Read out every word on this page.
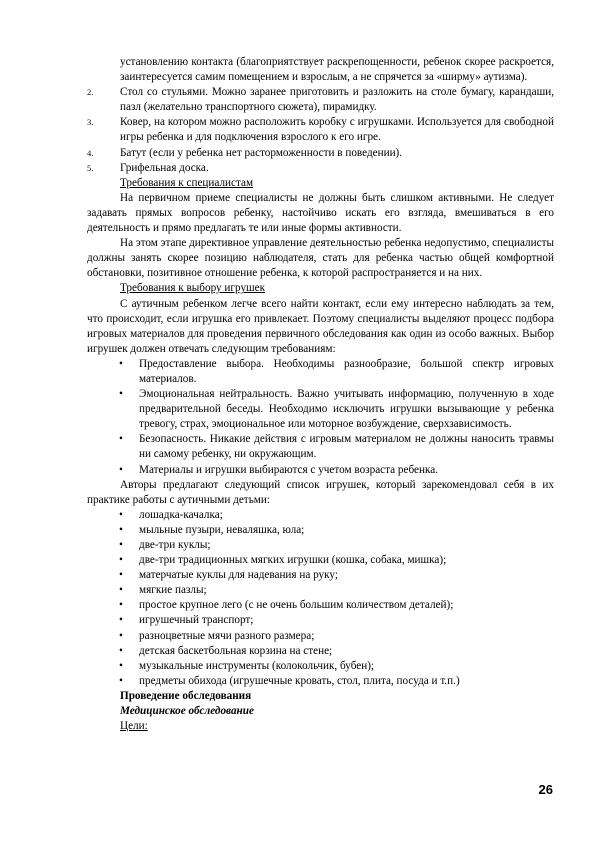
установлению контакта (благоприятствует раскрепощенности, ребенок скорее раскроется, заинтересуется самим помещением и взрослым, а не спрячется за «ширму» аутизма).

2. Стол со стульями. Можно заранее приготовить и разложить на столе бумагу, карандаши, пазл (желательно транспортного сюжета), пирамидку.

3. Ковер, на котором можно расположить коробку с игрушками. Используется для свободной игры ребенка и для подключения взрослого к его игре.

4. Батут (если у ребенка нет расторможенности в поведении).

5. Грифельная доска.

Требования к специалистам

На первичном приеме специалисты не должны быть слишком активными. Не следует задавать прямых вопросов ребенку, настойчиво искать его взгляда, вмешиваться в его деятельность и прямо предлагать те или иные формы активности.

На этом этапе директивное управление деятельностью ребенка недопустимо, специалисты должны занять скорее позицию наблюдателя, стать для ребенка частью общей комфортной обстановки, позитивное отношение ребенка, к которой распространяется и на них.

Требования к выбору игрушек

С аутичным ребенком легче всего найти контакт, если ему интересно наблюдать за тем, что происходит, если игрушка его привлекает. Поэтому специалисты выделяют процесс подбора игровых материалов для проведения первичного обследования как один из особо важных. Выбор игрушек должен отвечать следующим требованиям:

• Предоставление выбора. Необходимы разнообразие, большой спектр игровых материалов.
• Эмоциональная нейтральность. Важно учитывать информацию, полученную в ходе предварительной беседы. Необходимо исключить игрушки вызывающие у ребенка тревогу, страх, эмоциональное или моторное возбуждение, сверхзависимость.
• Безопасность. Никакие действия с игровым материалом не должны наносить травмы ни самому ребенку, ни окружающим.
• Материалы и игрушки выбираются с учетом возраста ребенка.

Авторы предлагают следующий список игрушек, который зарекомендовал себя в их практике работы с аутичными детьми:

• лошадка-качалка;
• мыльные пузыри, неваляшка, юла;
• две-три куклы;
• две-три традиционных мягких игрушки (кошка, собака, мишка);
• матерчатые куклы для надевания на руку;
• мягкие пазлы;
• простое крупное лего (с не очень большим количеством деталей);
• игрушечный транспорт;
• разноцветные мячи разного размера;
• детская баскетбольная корзина на стене;
• музыкальные инструменты (колокольчик, бубен);
• предметы обихода (игрушечные кровать, стол, плита, посуда и т.п.)

Проведение обследования

Медицинское обследование

Цели:

26
